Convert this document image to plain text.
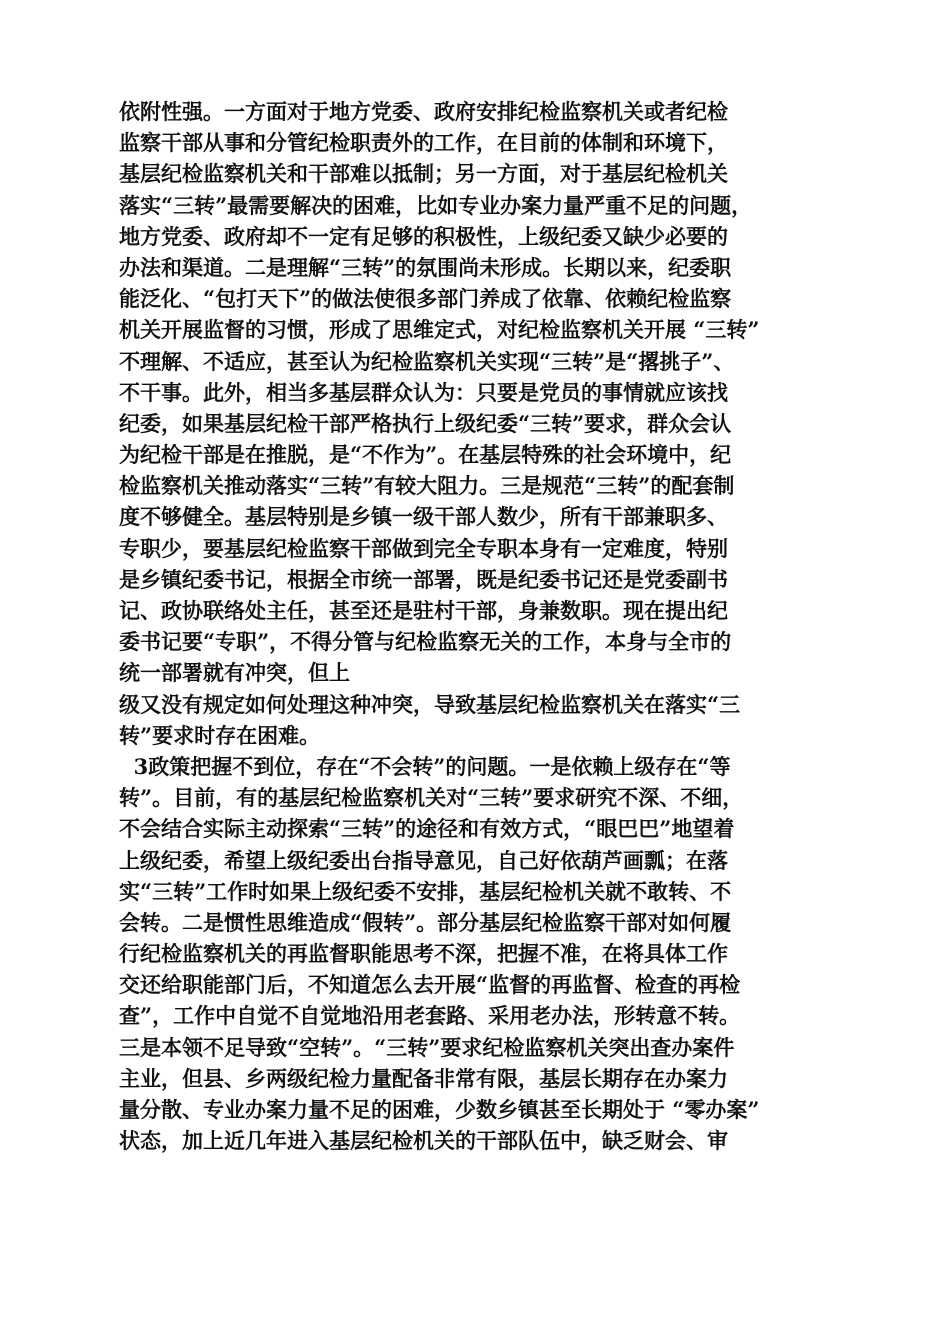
依附性强。一方面对于地方党委、政府安排纪检监察机关或者纪检
监察干部从事和分管纪检职责外的工作，在目前的体制和环境下，
基层纪检监察机关和干部难以抵制；另一方面，对于基层纪检机关
落实“三转”最需要解决的困难，比如专业办案力量严重不足的问题，
地方党委、政府却不一定有足够的积极性，上级纪委又缺少必要的
办法和渠道。二是理解“三转”的氛围尚未形成。长期以来，纪委职
能泛化、“包打天下”的做法使很多部门养成了依靠、依赖纪检监察
机关开展监督的习惯，形成了思维定式，对纪检监察机关开展 “三转”
不理解、不适应，甚至认为纪检监察机关实现“三转”是“撂挑子”、
不干事。此外，相当多基层群众认为：只要是党员的事情就应该找
纪委，如果基层纪检干部严格执行上级纪委“三转”要求，群众会认
为纪检干部是在推脱，是“不作为”。在基层特殊的社会环境中，纪
检监察机关推动落实“三转”有较大阻力。三是规范“三转”的配套制
度不够健全。基层特别是乡镇一级干部人数少，所有干部兼职多、
专职少，要基层纪检监察干部做到完全专职本身有一定难度，特别
是乡镇纪委书记，根据全市统一部署，既是纪委书记还是党委副书
记、政协联络处主任，甚至还是驻村干部，身兼数职。现在提出纪
委书记要“专职”，不得分管与纪检监察无关的工作，本身与全市的
统一部署就有冲突，但上
级又没有规定如何处理这种冲突，导致基层纪检监察机关在落实“三
转”要求时存在困难。
3政策把握不到位，存在“不会转”的问题。一是依赖上级存在“等
转”。目前，有的基层纪检监察机关对“三转”要求研究不深、不细，
不会结合实际主动探索“三转”的途径和有效方式，“眼巴巴”地望着
上级纪委，希望上级纪委出台指导意见，自己好依葫芦画瓢；在落
实“三转”工作时如果上级纪委不安排，基层纪检机关就不敢转、不
会转。二是惯性思维造成“假转”。部分基层纪检监察干部对如何履
行纪检监察机关的再监督职能思考不深，把握不准，在将具体工作
交还给职能部门后，不知道怎么去开展“监督的再监督、检查的再检
查”，工作中自觉不自觉地沿用老套路、采用老办法，形转意不转。
三是本领不足导致“空转”。“三转”要求纪检监察机关突出查办案件
主业，但县、乡两级纪检力量配备非常有限，基层长期存在办案力
量分散、专业办案力量不足的困难，少数乡镇甚至长期处于 “零办案”
状态，加上近几年进入基层纪检机关的干部队伍中，缺乏财会、审
